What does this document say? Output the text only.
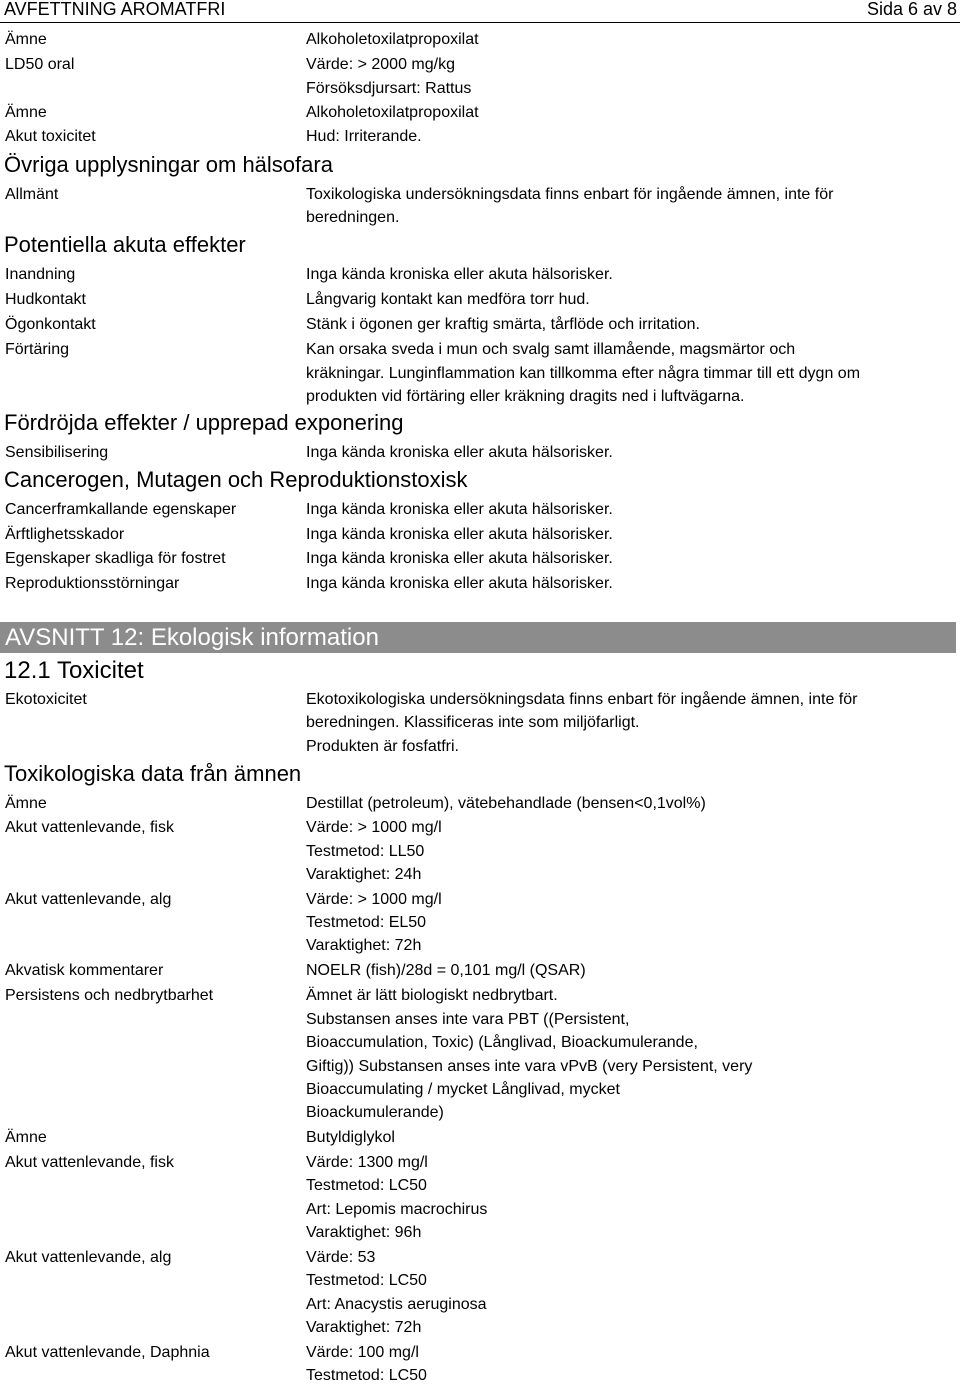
AVFETTNING AROMATFRI	Sida 6 av 8
Ämne	Alkoholetoxilatpropoxilat
LD50 oral	Värde: > 2000 mg/kg
Försöksdjursart: Rattus
Ämne	Alkoholetoxilatpropoxilat
Akut toxicitet	Hud: Irriterande.
Övriga upplysningar om hälsofara
Allmänt	Toxikologiska undersökningsdata finns enbart för ingående ämnen, inte för
beredningen.
Potentiella akuta effekter
Inandning	Inga kända kroniska eller akuta hälsorisker.
Hudkontakt	Långvarig kontakt kan medföra torr hud.
Ögonkontakt	Stänk i ögonen ger kraftig smärta, tårflöde och irritation.
Förtäring	Kan orsaka sveda i mun och svalg samt illamående, magsmärtor och
kräkningar. Lunginflammation kan tillkomma efter några timmar till ett dygn om
produkten vid förtäring eller kräkning dragits ned i luftvägarna.
Fördröjda effekter / upprepad exponering
Sensibilisering	Inga kända kroniska eller akuta hälsorisker.
Cancerogen, Mutagen och Reproduktionstoxisk
Cancerframkallande egenskaper	Inga kända kroniska eller akuta hälsorisker.
Ärftlighetsskador	Inga kända kroniska eller akuta hälsorisker.
Egenskaper skadliga för fostret	Inga kända kroniska eller akuta hälsorisker.
Reproduktionsstörningar	Inga kända kroniska eller akuta hälsorisker.
AVSNITT 12: Ekologisk information
12.1 Toxicitet
Ekotoxicitet	Ekotoxikologiska undersökningsdata finns enbart för ingående ämnen, inte för
beredningen. Klassificeras inte som miljöfarligt.
Produkten är fosfatfri.
Toxikologiska data från ämnen
Ämne	Destillat (petroleum), vätebehandlade (bensen<0,1vol%)
Akut vattenlevande, fisk	Värde: > 1000 mg/l
Testmetod: LL50
Varaktighet: 24h
Akut vattenlevande, alg	Värde: > 1000 mg/l
Testmetod: EL50
Varaktighet: 72h
Akvatisk kommentarer	NOELR (fish)/28d = 0,101 mg/l (QSAR)
Persistens och nedbrytbarhet	Ämnet är lätt biologiskt nedbrytbart.
Substansen anses inte vara PBT ((Persistent,
Bioaccumulation, Toxic) (Långlivad, Bioackumulerande,
Giftig)) Substansen anses inte vara vPvB (very Persistent, very
Bioaccumulating / mycket Långlivad, mycket
Bioackumulerande)
Ämne	Butyldiglykol
Akut vattenlevande, fisk	Värde: 1300 mg/l
Testmetod: LC50
Art: Lepomis macrochirus
Varaktighet: 96h
Akut vattenlevande, alg	Värde: 53
Testmetod: LC50
Art: Anacystis aeruginosa
Varaktighet: 72h
Akut vattenlevande, Daphnia	Värde: 100 mg/l
Testmetod: LC50
